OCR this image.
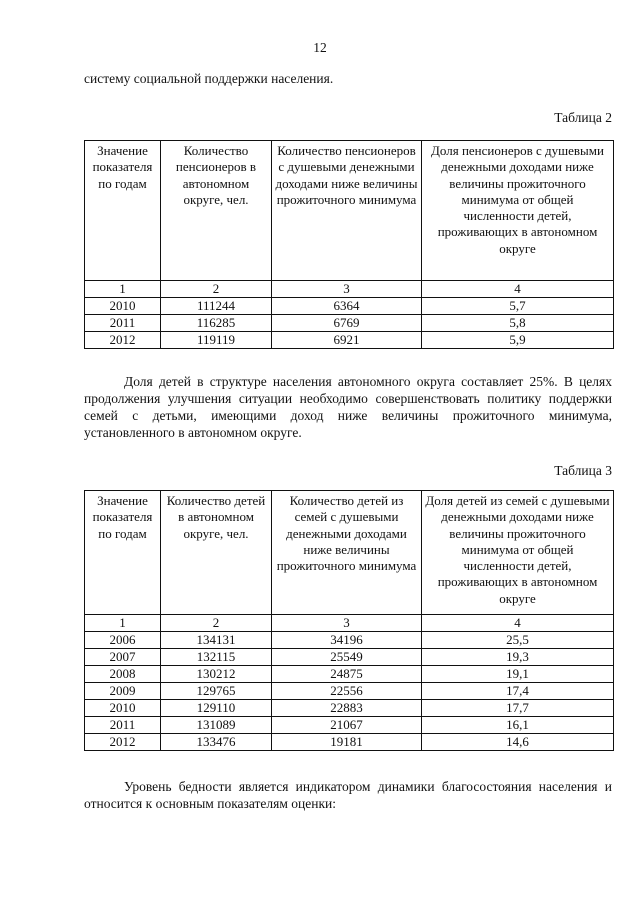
12
систему социальной поддержки населения.
Таблица 2
Значение показателя по годам	Количество пенсионеров в автономном округе, чел.	Количество пенсионеров с душевыми денежными доходами ниже величины прожиточного минимума	Доля пенсионеров с душевыми денежными доходами ниже величины прожиточного минимума от общей численности детей, проживающих в автономном округе
1	2	3	4
2010	111244	6364	5,7
2011	116285	6769	5,8
2012	119119	6921	5,9
Доля детей в структуре населения автономного округа составляет 25%. В целях продолжения улучшения ситуации необходимо совершенствовать политику поддержки семей с детьми, имеющими доход ниже величины прожиточного минимума, установленного в автономном округе.
Таблица 3
Значение показателя по годам	Количество детей в автономном округе, чел.	Количество детей из семей с душевыми денежными доходами ниже величины прожиточного минимума	Доля детей из семей с душевыми денежными доходами ниже величины прожиточного минимума от общей численности детей, проживающих в автономном округе
1	2	3	4
2006	134131	34196	25,5
2007	132115	25549	19,3
2008	130212	24875	19,1
2009	129765	22556	17,4
2010	129110	22883	17,7
2011	131089	21067	16,1
2012	133476	19181	14,6
Уровень бедности является индикатором динамики благосостояния населения и относится к основным показателям оценки:
